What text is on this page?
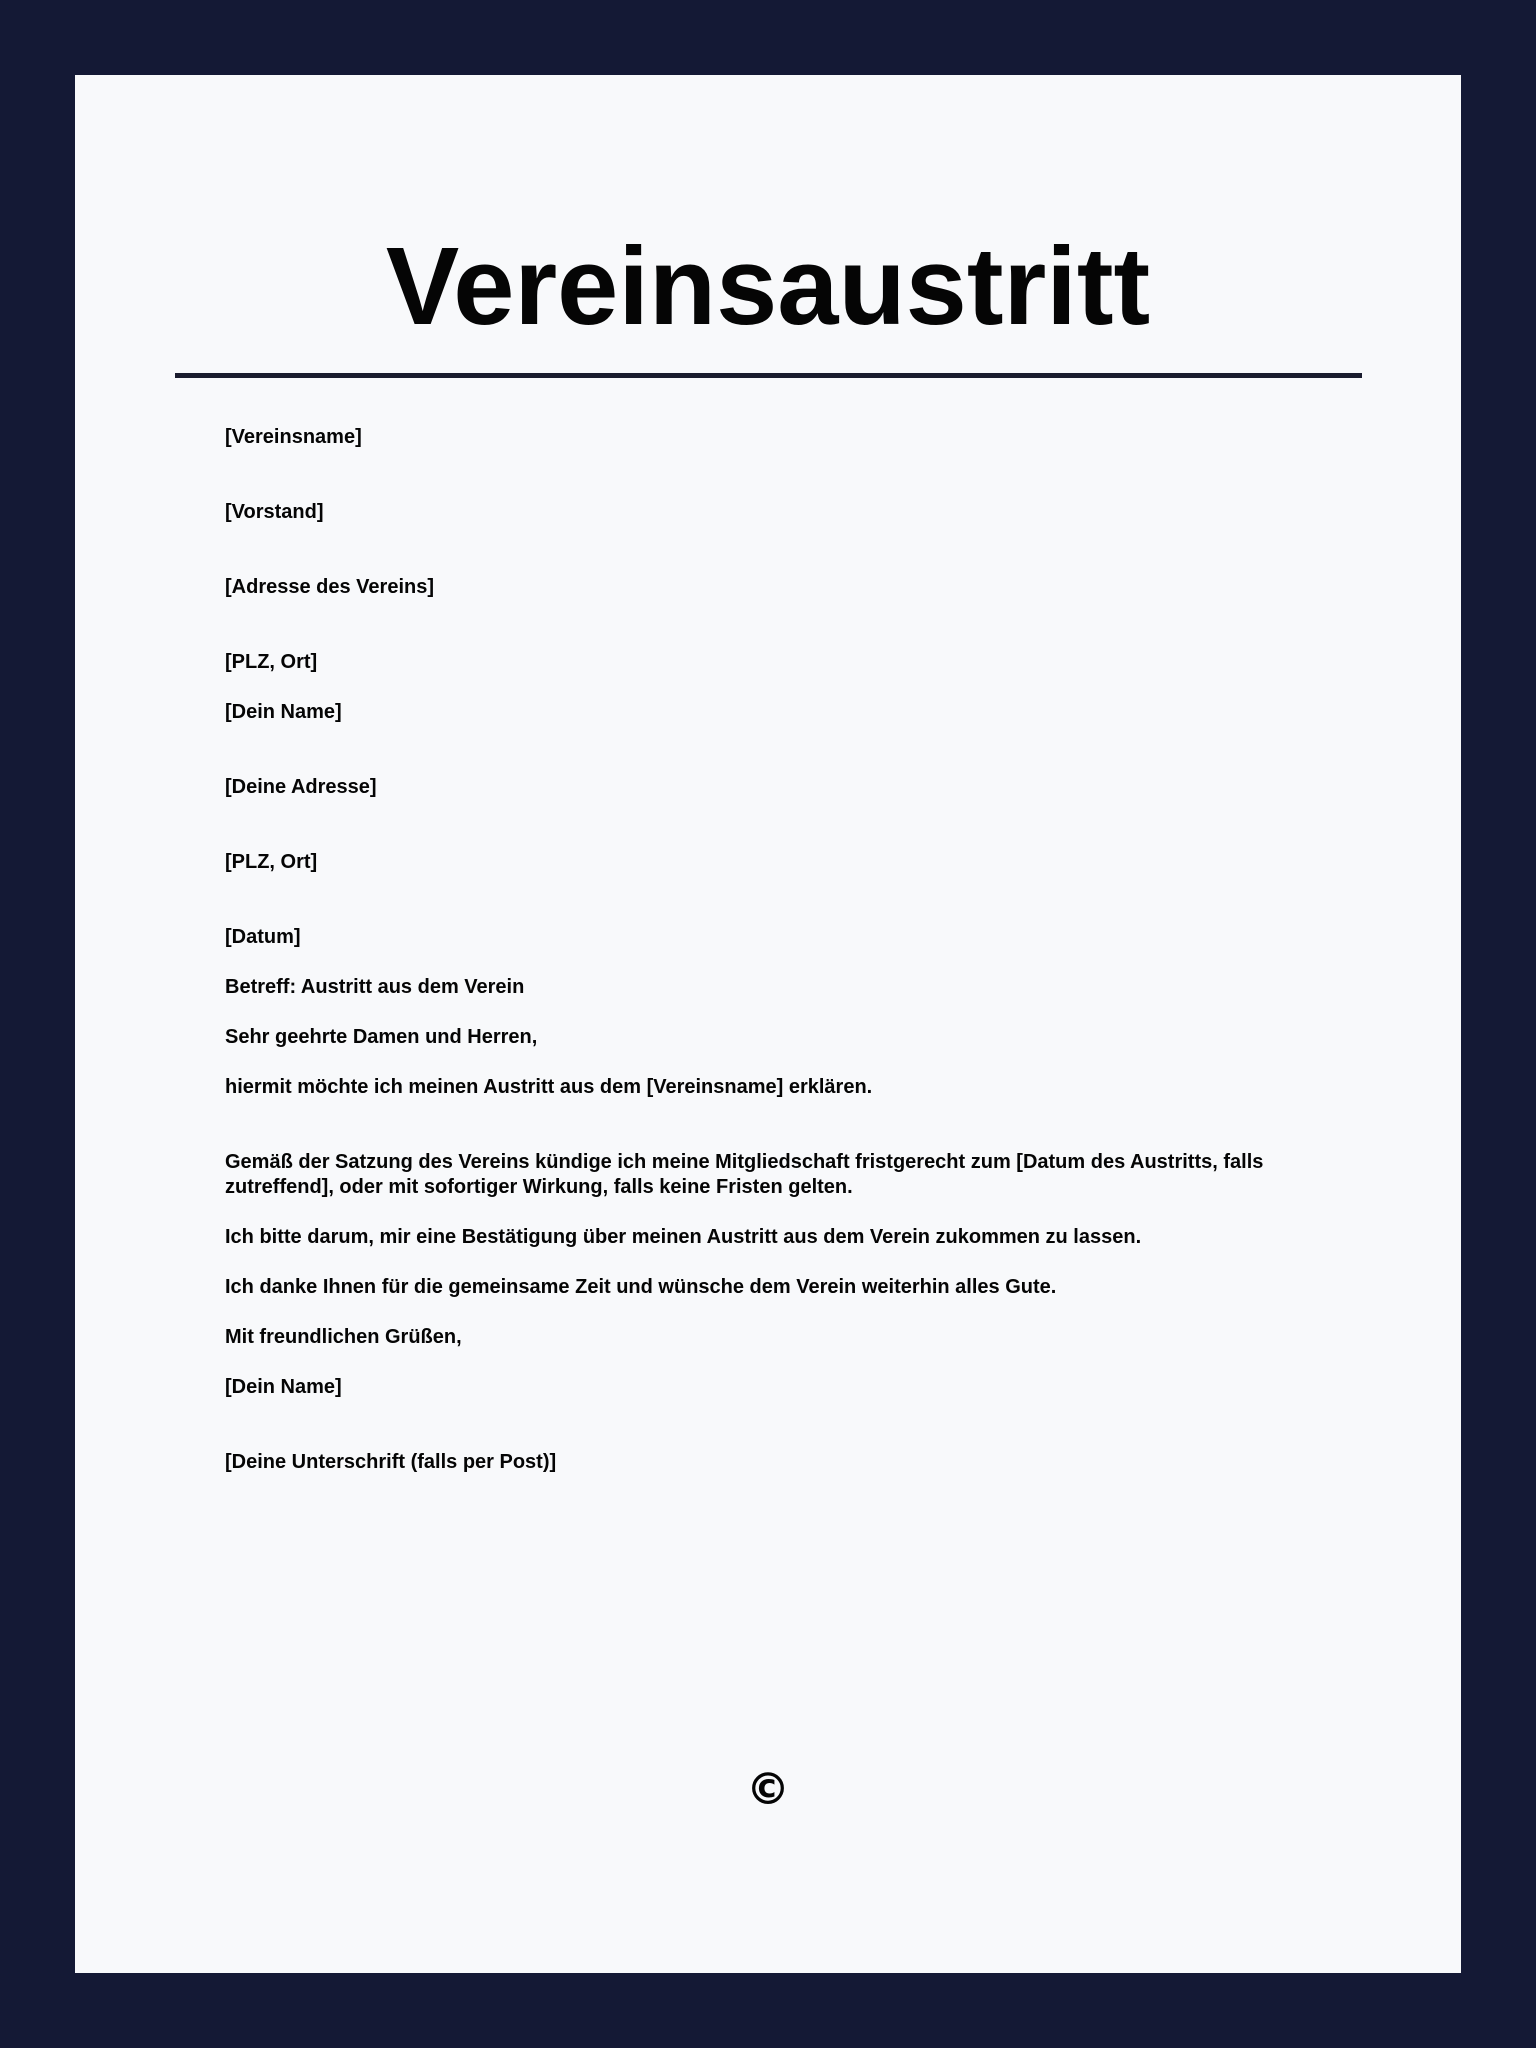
Vereinsaustritt

[Vereinsname]

[Vorstand]

[Adresse des Vereins]

[PLZ, Ort]

[Dein Name]

[Deine Adresse]

[PLZ, Ort]

[Datum]

Betreff: Austritt aus dem Verein

Sehr geehrte Damen und Herren,

hiermit möchte ich meinen Austritt aus dem [Vereinsname] erklären.

Gemäß der Satzung des Vereins kündige ich meine Mitgliedschaft fristgerecht zum [Datum des Austritts, falls zutreffend], oder mit sofortiger Wirkung, falls keine Fristen gelten.

Ich bitte darum, mir eine Bestätigung über meinen Austritt aus dem Verein zukommen zu lassen.

Ich danke Ihnen für die gemeinsame Zeit und wünsche dem Verein weiterhin alles Gute.

Mit freundlichen Grüßen,

[Dein Name]

[Deine Unterschrift (falls per Post)]

©
